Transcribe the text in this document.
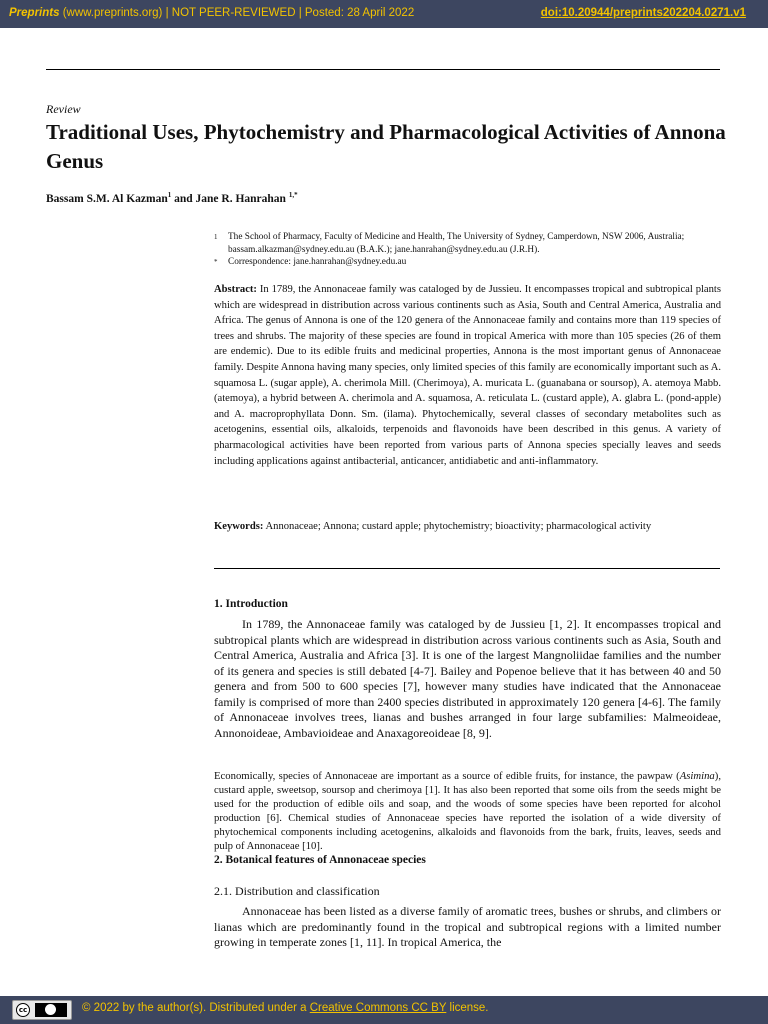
Preprints (www.preprints.org) | NOT PEER-REVIEWED | Posted: 28 April 2022	doi:10.20944/preprints202204.0271.v1
Review
Traditional Uses, Phytochemistry and Pharmacological Activities of Annona Genus
Bassam S.M. Al Kazman$^1$ and Jane R. Hanrahan $^{1,*}$
1 The School of Pharmacy, Faculty of Medicine and Health, The University of Sydney, Camperdown, NSW 2006, Australia; bassam.alkazman@sydney.edu.au (B.A.K.); jane.hanrahan@sydney.edu.au (J.R.H).
* Correspondence: jane.hanrahan@sydney.edu.au
Abstract: In 1789, the Annonaceae family was cataloged by de Jussieu. It encompasses tropical and subtropical plants which are widespread in distribution across various continents such as Asia, South and Central America, Australia and Africa. The genus of Annona is one of the 120 genera of the Annonaceae family and contains more than 119 species of trees and shrubs. The majority of these species are found in tropical America with more than 105 species (26 of them are endemic). Due to its edible fruits and medicinal properties, Annona is the most important genus of Annonaceae family. Despite Annona having many species, only limited species of this family are economically important such as A. squamosa L. (sugar apple), A. cherimola Mill. (Cherimoya), A. muricata L. (guanabana or soursop), A. atemoya Mabb. (atemoya), a hybrid between A. cherimola and A. squamosa, A. reticulata L. (custard apple), A. glabra L. (pond-apple) and A. macroprophyllata Donn. Sm. (ilama). Phytochemically, several classes of secondary metabolites such as acetogenins, essential oils, alkaloids, terpenoids and flavonoids have been described in this genus. A variety of pharmacological activities have been reported from various parts of Annona species specially leaves and seeds including applications against antibacterial, anticancer, antidiabetic and anti-inflammatory.
Keywords: Annonaceae; Annona; custard apple; phytochemistry; bioactivity; pharmacological activity
1. Introduction
In 1789, the Annonaceae family was cataloged by de Jussieu [1, 2]. It encompasses tropical and subtropical plants which are widespread in distribution across various continents such as Asia, South and Central America, Australia and Africa [3]. It is one of the largest Mangnoliidae families and the number of its genera and species is still debated [4-7]. Bailey and Popenoe believe that it has between 40 and 50 genera and from 500 to 600 species [7], however many studies have indicated that the Annonaceae family is comprised of more than 2400 species distributed in approximately 120 genera [4-6]. The family of Annonaceae involves trees, lianas and bushes arranged in four large subfamilies: Malmeoideae, Annonoideae, Ambavioideae and Anaxagoreoideae [8, 9].
Economically, species of Annonaceae are important as a source of edible fruits, for instance, the pawpaw (Asimina), custard apple, sweetsop, soursop and cherimoya [1]. It has also been reported that some oils from the seeds might be used for the production of edible oils and soap, and the woods of some species have been reported for alcohol production [6]. Chemical studies of Annonaceae species have reported the isolation of a wide diversity of phytochemical components including acetogenins, alkaloids and flavonoids from the bark, fruits, leaves, seeds and pulp of Annonaceae [10].
2. Botanical features of Annonaceae species
2.1. Distribution and classification
Annonaceae has been listed as a diverse family of aromatic trees, bushes or shrubs, and climbers or lianas which are predominantly found in the tropical and subtropical regions with a limited number growing in temperate zones [1, 11]. In tropical America, the
cc	© 2022 by the author(s). Distributed under a Creative Commons CC BY license.
